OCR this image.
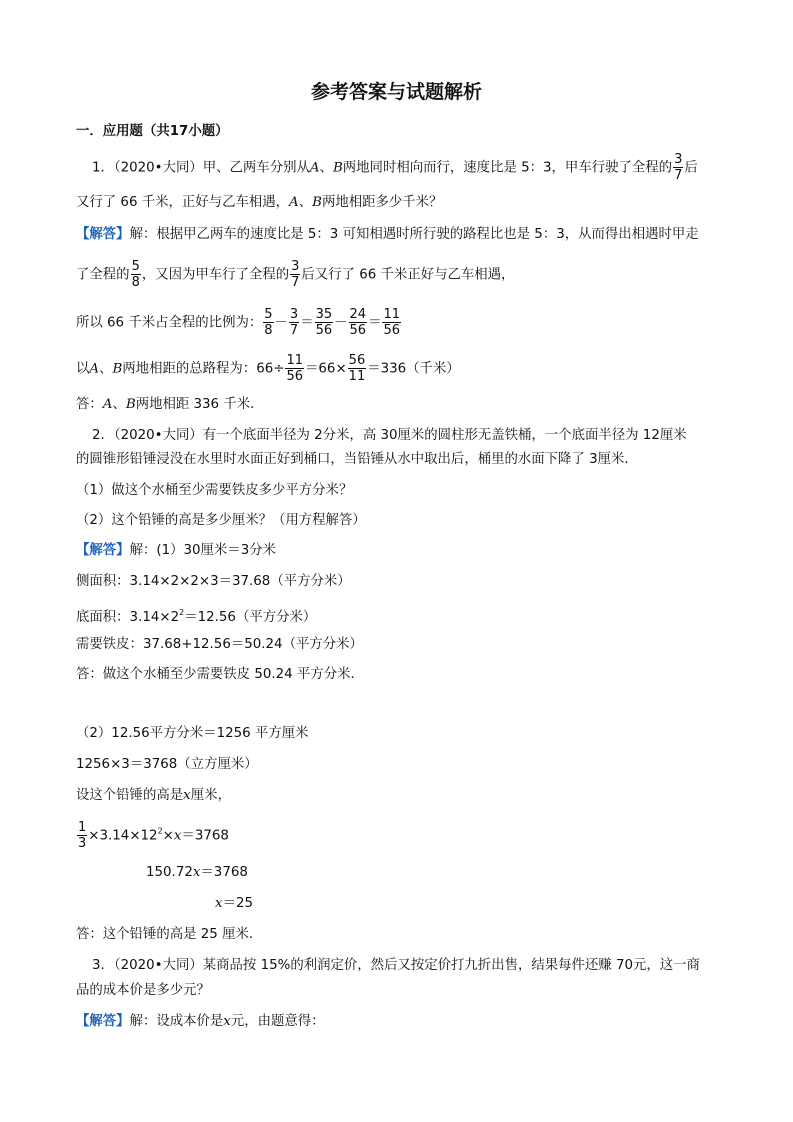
参考答案与试题解析
一．应用题（共17小题）
1．（2020•大同）甲、乙两车分别从A、B两地同时相向而行，速度比是 5：3，甲车行驶了全程的 $\frac{3}{7}$ 后
又行了 66 千米，正好与乙车相遇，A、B两地相距多少千米？
【解答】解：根据甲乙两车的速度比是 5：3 可知相遇时所行驶的路程比也是 5：3，从而得出相遇时甲走
了全程的 $\frac{5}{8}$ ，又因为甲车行了全程的 $\frac{3}{7}$ 后又行了 66 千米正好与乙车相遇，
所以 66 千米占全程的比例为： $\frac{5}{8} - \frac{3}{7} = \frac{35}{56} - \frac{24}{56} = \frac{11}{56}$
以A、B两地相距的总路程为：$66\div \frac{11}{56} =66\times \frac{56}{11} =336$（千米）
答：A、B两地相距 336 千米．
2．（2020•大同）有一个底面半径为 2分米，高 30厘米的圆柱形无盖铁桶，一个底面半径为 12厘米
的圆锥形铅锤浸没在水里时水面正好到桶口，当铅锤从水中取出后，桶里的水面下降了 3厘米．
（1）做这个水桶至少需要铁皮多少平方分米？
（2）这个铅锤的高是多少厘米？（用方程解答）
【解答】解：(1）30厘米＝3分米
侧面积：3.14×2×2×3＝37.68（平方分米）
底面积：$3.14\times 2^2=12.56$（平方分米）
需要铁皮：37.68+12.56＝50.24（平方分米）
答：做这个水桶至少需要铁皮 50.24 平方分米．
（2）12.56平方分米＝1256 平方厘米
1256×3＝3768（立方厘米）
设这个铅锤的高是x厘米，
$\frac{1}{3} \times 3.14\times 12^2\times x=3768$
150.72x＝3768
x＝25
答：这个铅锤的高是 25 厘米．
3．（2020•大同）某商品按 15%的利润定价，然后又按定价打九折出售，结果每件还赚 70元，这一商
品的成本价是多少元？
【解答】解：设成本价是x元，由题意得：
